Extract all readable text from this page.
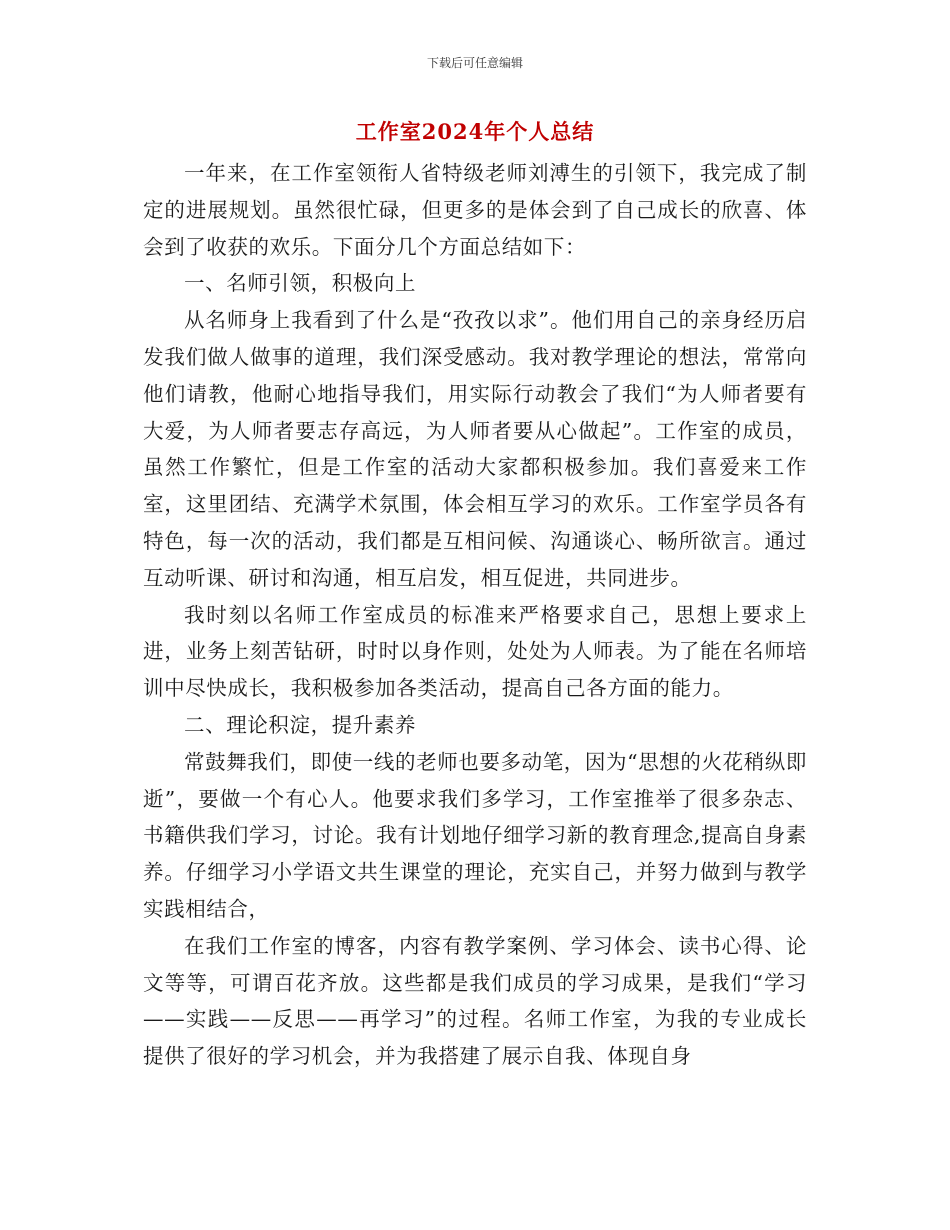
下载后可任意编辑
工作室2024年个人总结

一年来，在工作室领衔人省特级老师刘溥生的引领下，我完成了制定的进展规划。虽然很忙碌，但更多的是体会到了自己成长的欣喜、体会到了收获的欢乐。下面分几个方面总结如下：

一、名师引领，积极向上

从名师身上我看到了什么是“孜孜以求”。他们用自己的亲身经历启发我们做人做事的道理，我们深受感动。我对教学理论的想法，常常向他们请教，他耐心地指导我们，用实际行动教会了我们“为人师者要有大爱，为人师者要志存高远，为人师者要从心做起”。工作室的成员，虽然工作繁忙，但是工作室的活动大家都积极参加。我们喜爱来工作室，这里团结、充满学术氛围，体会相互学习的欢乐。工作室学员各有特色，每一次的活动，我们都是互相问候、沟通谈心、畅所欲言。通过互动听课、研讨和沟通，相互启发，相互促进，共同进步。

我时刻以名师工作室成员的标准来严格要求自己，思想上要求上进，业务上刻苦钻研，时时以身作则，处处为人师表。为了能在名师培训中尽快成长，我积极参加各类活动，提高自己各方面的能力。

二、理论积淀，提升素养

常鼓舞我们，即使一线的老师也要多动笔，因为“思想的火花稍纵即逝”，要做一个有心人。他要求我们多学习，工作室推举了很多杂志、书籍供我们学习，讨论。我有计划地仔细学习新的教育理念,提高自身素养。仔细学习小学语文共生课堂的理论，充实自己，并努力做到与教学实践相结合，

在我们工作室的博客，内容有教学案例、学习体会、读书心得、论文等等，可谓百花齐放。这些都是我们成员的学习成果，是我们“学习——实践——反思——再学习”的过程。名师工作室，为我的专业成长提供了很好的学习机会，并为我搭建了展示自我、体现自身
